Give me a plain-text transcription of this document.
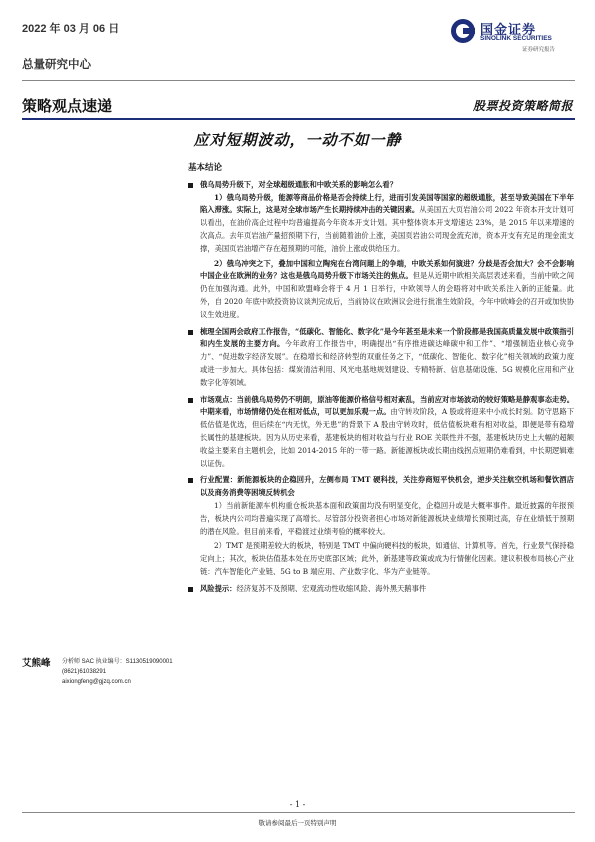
2022 年 03 月 06 日	国金证券
SINOLINK SECURITIES
证券研究报告
总量研究中心
策略观点速递	股票投资策略简报
应对短期波动，一动不如一静
基本结论
俄乌局势升级下，对全球超级通胀和中欧关系的影响怎么看？
1）俄乌局势升级，能源等商品价格是否会持续上行，进而引发美国等国家的超级通胀，甚至导致美国在下半年陷入滞涨。实际上，这是对全球市场产生长期持续冲击的关键因素。从美国五大页岩油公司 2022 年资本开支计划可以看出，在油价高企过程中均普遍提高今年资本开支计划。其中整体资本开支增速达 23%，是 2015 年以来增速的次高点。去年页岩油产量招预期下行，当前随着油价上涨，美国页岩油公司现金流充沛，资本开支有充足的现金流支撑，美国页岩油增产存在超预期的可能，油价上涨或供给压力。
2）俄乌冲突之下，叠加中国和立陶宛在台湾问题上的争端，中欧关系如何演进？分歧是否会加大？会不会影响中国企业在欧洲的业务？这也是俄乌局势升级下市场关注的焦点。但是从近期中欧相关高层表述来看，当前中欧之间仍在加强沟通。此外，中国和欧盟峰会将于 4 月 1 日举行，中欧领导人的会晤将对中欧关系注入新的正能量。此外，自 2020 年底中欧投资协议谈判完成后，当前协议在欧洲议会进行批准生效阶段，今年中欧峰会的召开或加快协议生效进度。
梳理全国两会政府工作报告，“低碳化、智能化、数字化”是今年甚至是未来一个阶段都是我国高质量发展中政策指引和内生发展的主要方向。今年政府工作报告中，明确提出“有序推进碳达峰碳中和工作”、“增强制造业核心竞争力”、“促进数字经济发展”。在稳增长和经济转型的双重任务之下，“低碳化、智能化、数字化”相关领域的政策力度或进一步加大。具体包括：煤炭清洁利用、风光电基地规划建设、专精特新、信息基础设施、5G 规模化应用和产业数字化等领域。
市场观点：当前俄乌局势仍不明朗，原油等能源价格信号相对紊乱，当前应对市场波动的较好策略是静观事态走势。中期来看，市场情绪仍处在相对低点，可以更加乐观一点。由守转攻阶段，A 股或将迎来中小成长时刻。防守思路下低估值是优选，但后续在“内无忧，外无患”的背景下 A 股由守转攻时，低估值板块难有相对收益，即便是带有稳增长属性的基建板块。因为从历史来看，基建板块的相对收益与行业 ROE 关联性并不强，基建板块历史上大幅的超额收益主要来自主题机会，比如 2014-2015 年的一带一路。新能源板块或长期由线拐点短期仍难看到，中长期逻辑难以证伪。
行业配置：新能源板块的企稳回升，左侧布局 TMT 硬科技，关注券商短平快机会，逆步关注航空机场和餐饮酒店以及商务消费等困境反转机会
1）当前新能源车机构重仓板块基本面和政策面均没有明显变化，企稳回升或是大概率事件。最近披露的年报预告，板块内公司均普遍实现了高增长。尽管部分投资者担心市场对新能源板块业绩增长预期过高，存在业绩低于预期的潜在风险。但目前来看，平稳渡过业绩考验的概率较大。
2）TMT 是预期差较大的板块，特别是 TMT 中偏向硬科技的板块，如通信、计算机等。首先，行业景气保持稳定向上；其次，板块估值基本处在历史底部区域；此外，新基建等政策或成为行情催化因素。建议积极布局核心产业链：汽车智能化产业链、5G to B 端应用、产业数字化、华为产业链等。
风险提示：经济复苏不及预期、宏观流动性收缩风险、海外黑天鹅事件
艾熊峰 分析师 SAC 执业编号：S1130519090001
(8621)61038291
aixiongfeng@gjzq.com.cn
- 1 -
敬请参阅最后一页特别声明
